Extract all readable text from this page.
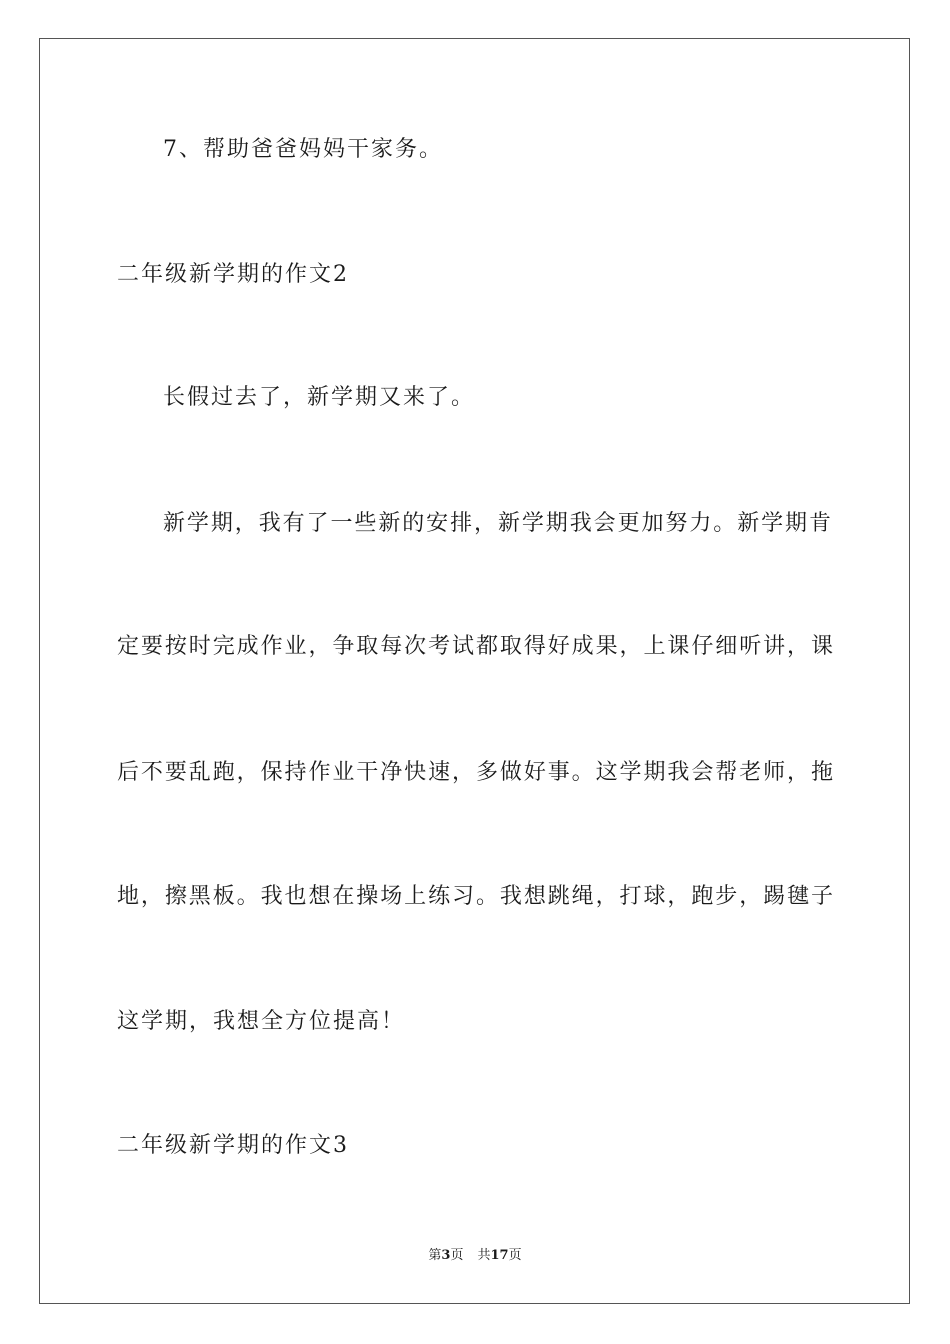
7、帮助爸爸妈妈干家务。
二年级新学期的作文2
长假过去了，新学期又来了。
新学期，我有了一些新的安排，新学期我会更加努力。新学期肯
定要按时完成作业，争取每次考试都取得好成果，上课仔细听讲，课
后不要乱跑，保持作业干净快速，多做好事。这学期我会帮老师，拖
地，擦黑板。我也想在操场上练习。我想跳绳，打球，跑步，踢毽子
这学期，我想全方位提高！
二年级新学期的作文3
第3页 共17页
